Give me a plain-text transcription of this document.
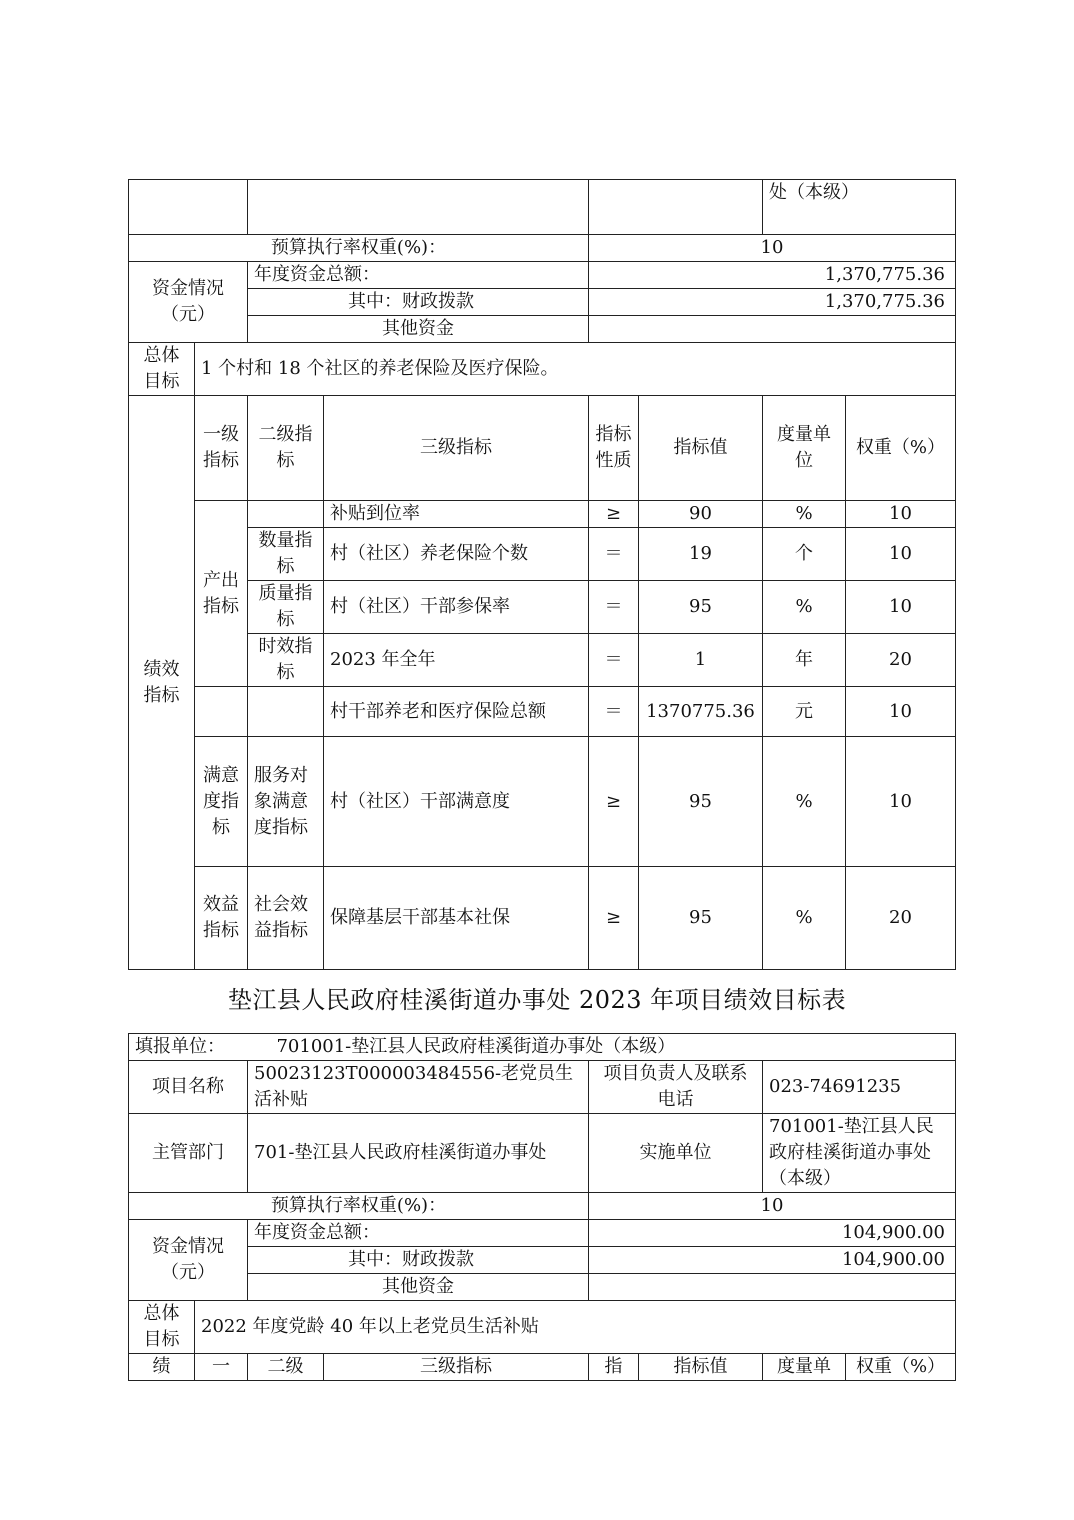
						处（本级）	
预算执行率权重(%)：				10			
资金情况（元）		年度资金总额：		1,370,775.36			
		其中：财政拨款		1,370,775.36			
		其他资金					
总体目标	1 个村和 18 个社区的养老保险及医疗保险。						
绩效指标	一级指标	二级指标	三级指标	指标性质	指标值	度量单位	权重（%）
	产出指标		补贴到位率	≥	90	%	10
		数量指标	村（社区）养老保险个数	＝	19	个	10
		质量指标	村（社区）干部参保率	＝	95	%	10
		时效指标	2023 年全年	＝	1	年	20
			村干部养老和医疗保险总额	＝	1370775.36	元	10
	满意度指标	服务对象满意度指标	村（社区）干部满意度	≥	95	%	10
	效益指标	社会效益指标	保障基层干部基本社保	≥	95	%	20
垫江县人民政府桂溪街道办事处 2023 年项目绩效目标表
填报单位： 701001-垫江县人民政府桂溪街道办事处（本级）							
项目名称		50023123T000003484556-老党员生活补贴		项目负责人及联系电话		023-74691235	
主管部门		701-垫江县人民政府桂溪街道办事处		实施单位		701001-垫江县人民政府桂溪街道办事处（本级）	
预算执行率权重(%)：				10			
资金情况（元）		年度资金总额：		104,900.00			
		其中：财政拨款		104,900.00			
		其他资金					
总体目标	2022 年度党龄 40 年以上老党员生活补贴						
绩	一	二级	三级指标	指	指标值	度量单	权重（%）
